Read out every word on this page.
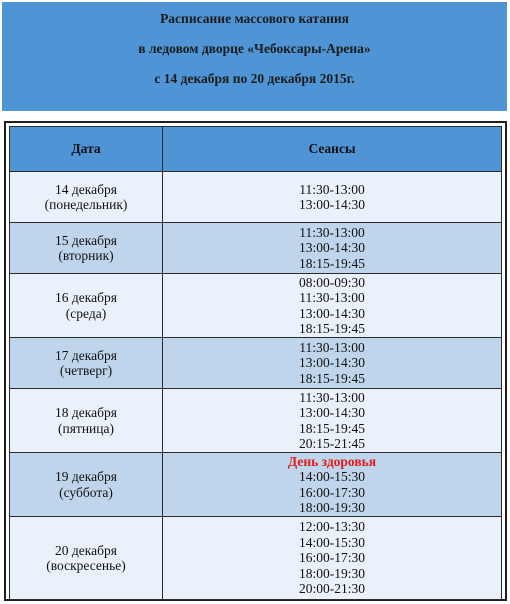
Расписание массового катания
в ледовом дворце «Чебоксары-Арена»
с 14 декабря по 20 декабря 2015г.
Дата	Сеансы

14 декабря
(понедельник)	11:30-13:00
13:00-14:30

15 декабря
(вторник)	11:30-13:00
13:00-14:30
18:15-19:45

16 декабря
(среда)	08:00-09:30
11:30-13:00
13:00-14:30
18:15-19:45

17 декабря
(четверг)	11:30-13:00
13:00-14:30
18:15-19:45

18 декабря
(пятница)	11:30-13:00
13:00-14:30
18:15-19:45
20:15-21:45

19 декабря
(суббота)	День здоровья
14:00-15:30
16:00-17:30
18:00-19:30

20 декабря
(воскресенье)	12:00-13:30
14:00-15:30
16:00-17:30
18:00-19:30
20:00-21:30
